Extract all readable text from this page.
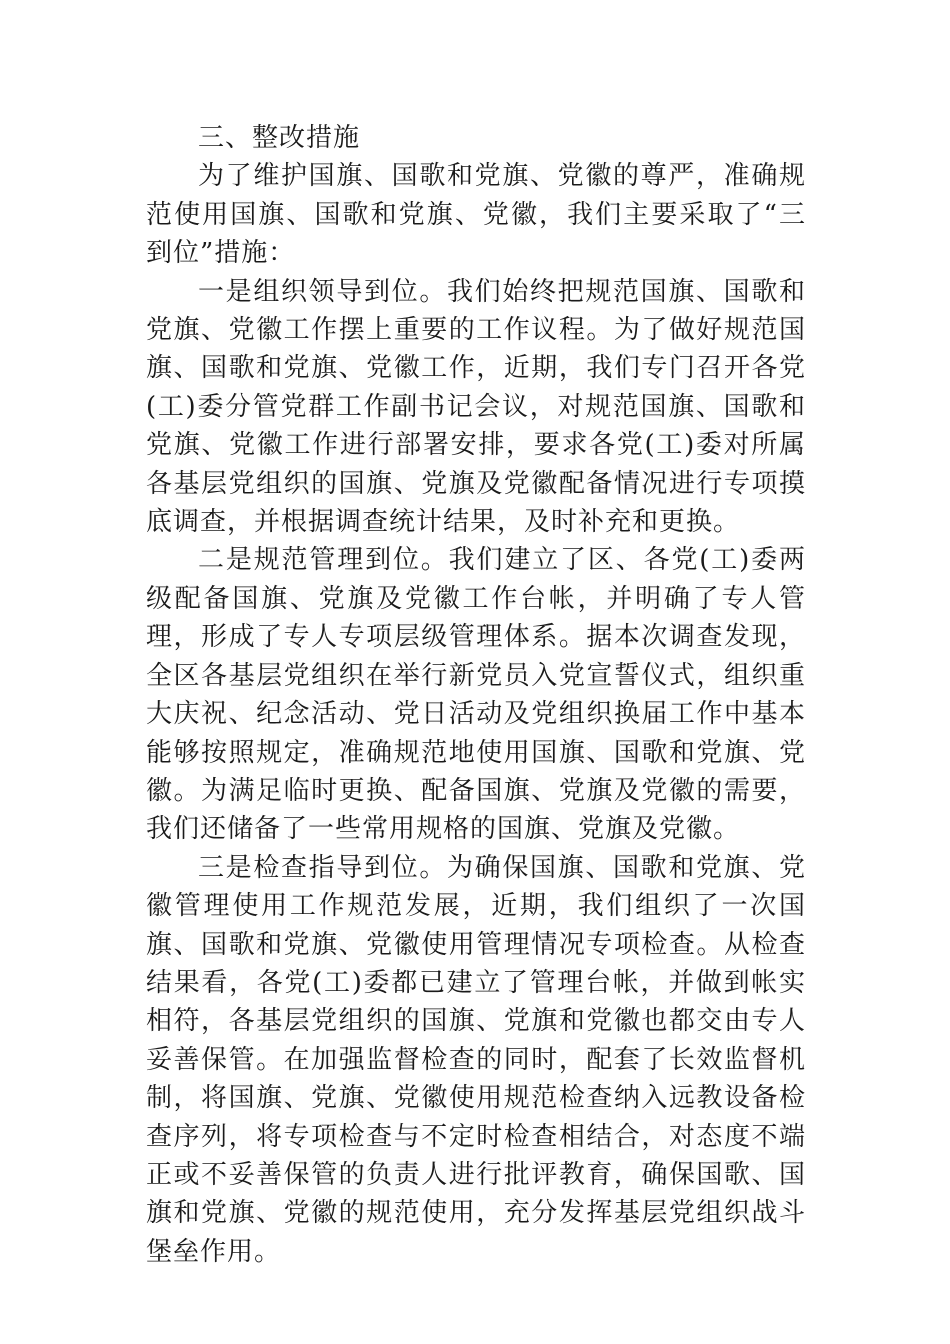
三、整改措施

为了维护国旗、国歌和党旗、党徽的尊严，准确规范使用国旗、国歌和党旗、党徽，我们主要采取了“三到位”措施：

一是组织领导到位。我们始终把规范国旗、国歌和党旗、党徽工作摆上重要的工作议程。为了做好规范国旗、国歌和党旗、党徽工作，近期，我们专门召开各党(工)委分管党群工作副书记会议，对规范国旗、国歌和党旗、党徽工作进行部署安排，要求各党(工)委对所属各基层党组织的国旗、党旗及党徽配备情况进行专项摸底调查，并根据调查统计结果，及时补充和更换。

二是规范管理到位。我们建立了区、各党(工)委两级配备国旗、党旗及党徽工作台帐，并明确了专人管理，形成了专人专项层级管理体系。据本次调查发现，全区各基层党组织在举行新党员入党宣誓仪式，组织重大庆祝、纪念活动、党日活动及党组织换届工作中基本能够按照规定，准确规范地使用国旗、国歌和党旗、党徽。为满足临时更换、配备国旗、党旗及党徽的需要，我们还储备了一些常用规格的国旗、党旗及党徽。

三是检查指导到位。为确保国旗、国歌和党旗、党徽管理使用工作规范发展，近期，我们组织了一次国旗、国歌和党旗、党徽使用管理情况专项检查。从检查结果看，各党(工)委都已建立了管理台帐，并做到帐实相符，各基层党组织的国旗、党旗和党徽也都交由专人妥善保管。在加强监督检查的同时，配套了长效监督机制，将国旗、党旗、党徽使用规范检查纳入远教设备检查序列，将专项检查与不定时检查相结合，对态度不端正或不妥善保管的负责人进行批评教育，确保国歌、国旗和党旗、党徽的规范使用，充分发挥基层党组织战斗堡垒作用。
